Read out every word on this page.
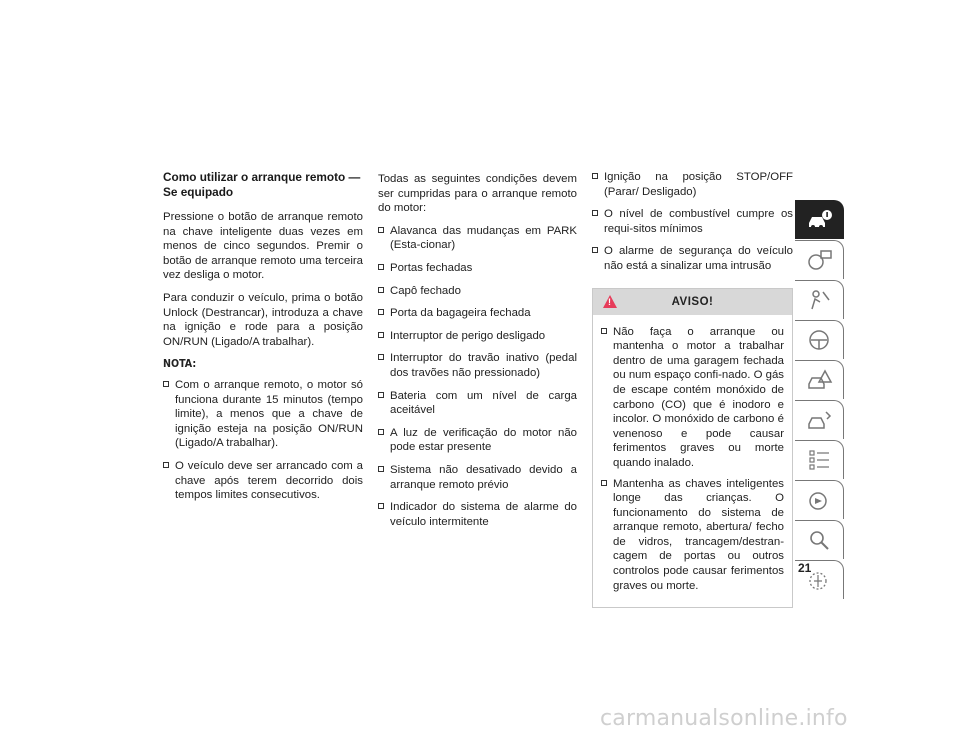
Como utilizar o arranque remoto — Se equipado

Pressione o botão de arranque remoto na chave inteligente duas vezes em menos de cinco segundos. Premir o botão de arranque remoto uma terceira vez desliga o motor.

Para conduzir o veículo, prima o botão Unlock (Destrancar), introduza a chave na ignição e rode para a posição ON/RUN (Ligado/A trabalhar).

NOTA:
Com o arranque remoto, o motor só funciona durante 15 minutos (tempo limite), a menos que a chave de ignição esteja na posição ON/RUN (Ligado/A trabalhar).
O veículo deve ser arrancado com a chave após terem decorrido dois tempos limites consecutivos.

Todas as seguintes condições devem ser cumpridas para o arranque remoto do motor:

Alavanca das mudanças em PARK (Esta-cionar)
Portas fechadas
Capô fechado
Porta da bagageira fechada
Interruptor de perigo desligado
Interruptor do travão inativo (pedal dos travões não pressionado)
Bateria com um nível de carga aceitável
A luz de verificação do motor não pode estar presente
Sistema não desativado devido a arranque remoto prévio
Indicador do sistema de alarme do veículo intermitente
Ignição na posição STOP/OFF (Parar/ Desligado)
O nível de combustível cumpre os requi-sitos mínimos
O alarme de segurança do veículo não está a sinalizar uma intrusão
!
AVISO!
Não faça o arranque ou mantenha o motor a trabalhar dentro de uma garagem fechada ou num espaço confi-nado. O gás de escape contém monóxido de carbono (CO) que é inodoro e incolor. O monóxido de carbono é venenoso e pode causar ferimentos graves ou morte quando inalado.
Mantenha as chaves inteligentes longe das crianças. O funcionamento do sistema de arranque remoto, abertura/ fecho de vidros, trancagem/destran-cagem de portas ou outros controlos pode causar ferimentos graves ou morte.
21
carmanualsonline.info
